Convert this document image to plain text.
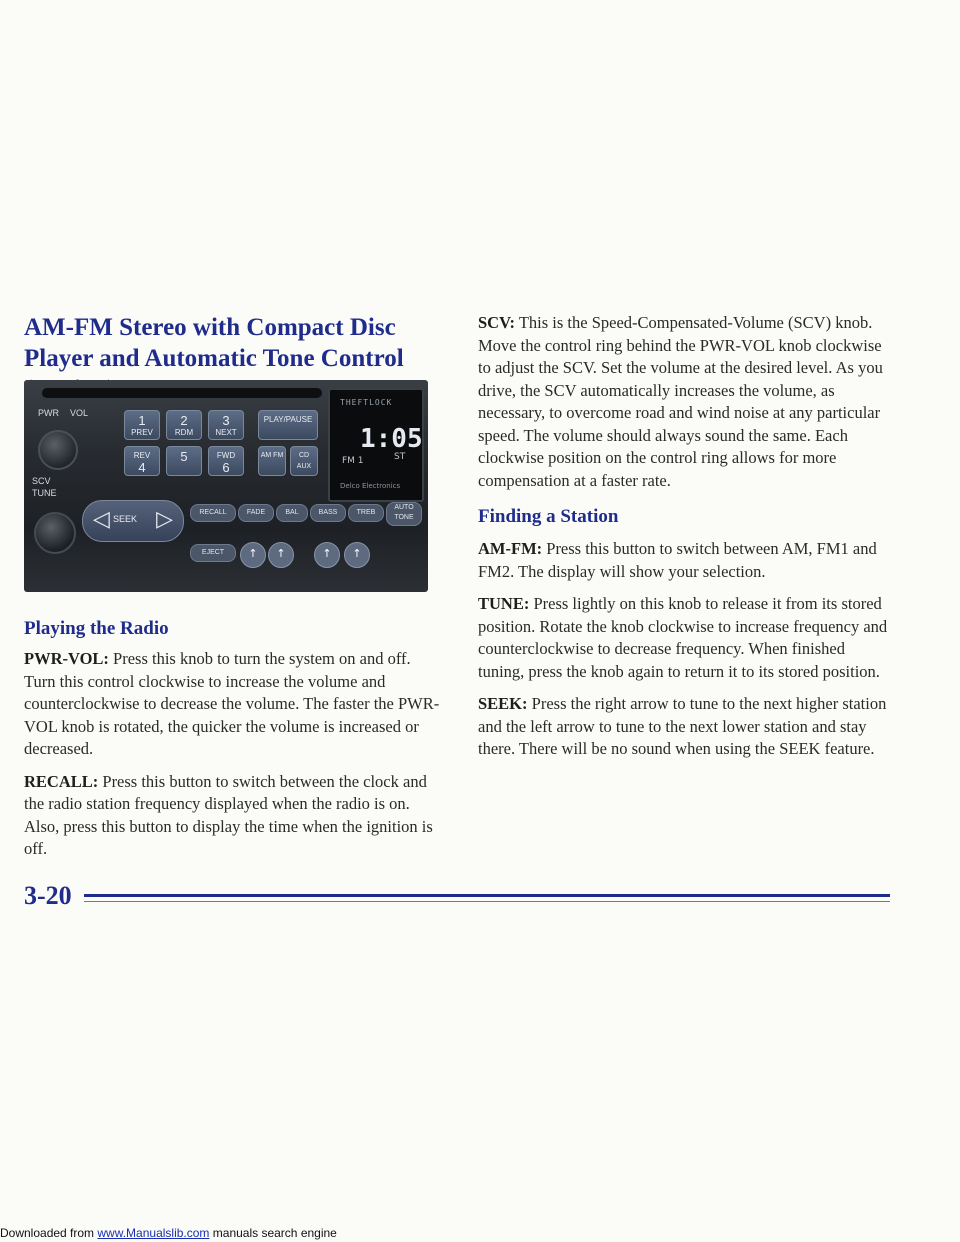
AM-FM Stereo with Compact Disc Player and Automatic Tone Control
PWR VOL
SCV
TUNE
1
PREV
2
RDM
3
NEXT
REV
4
5	FWD
6
PLAY/PAUSE
AM FM	CD AUX
THEFTLOCK
1:05
FM 1	ST
Delco Electronics
◁ SEEK ▷	RECALL	FADE	BAL	BASS	TREB
AUTO TONE
EJECT	↑	↑	↑	↑
Playing the Radio

PWR-VOL: Press this knob to turn the system on and off. Turn this control clockwise to increase the volume and counterclockwise to decrease the volume. The faster the PWR-VOL knob is rotated, the quicker the volume is increased or decreased.

RECALL: Press this button to switch between the clock and the radio station frequency displayed when the radio is on. Also, press this button to display the time when the ignition is off.

SCV: This is the Speed-Compensated-Volume (SCV) knob. Move the control ring behind the PWR-VOL knob clockwise to adjust the SCV. Set the volume at the desired level. As you drive, the SCV automatically increases the volume, as necessary, to overcome road and wind noise at any particular speed. The volume should always sound the same. Each clockwise position on the control ring allows for more compensation at a faster rate.

Finding a Station

AM-FM: Press this button to switch between AM, FM1 and FM2. The display will show your selection.

TUNE: Press lightly on this knob to release it from its stored position. Rotate the knob clockwise to increase frequency and counterclockwise to decrease frequency. When finished tuning, press the knob again to return it to its stored position.

SEEK: Press the right arrow to tune to the next higher station and the left arrow to tune to the next lower station and stay there. There will be no sound when using the SEEK feature.

3-20
Downloaded from www.Manualslib.com manuals search engine
